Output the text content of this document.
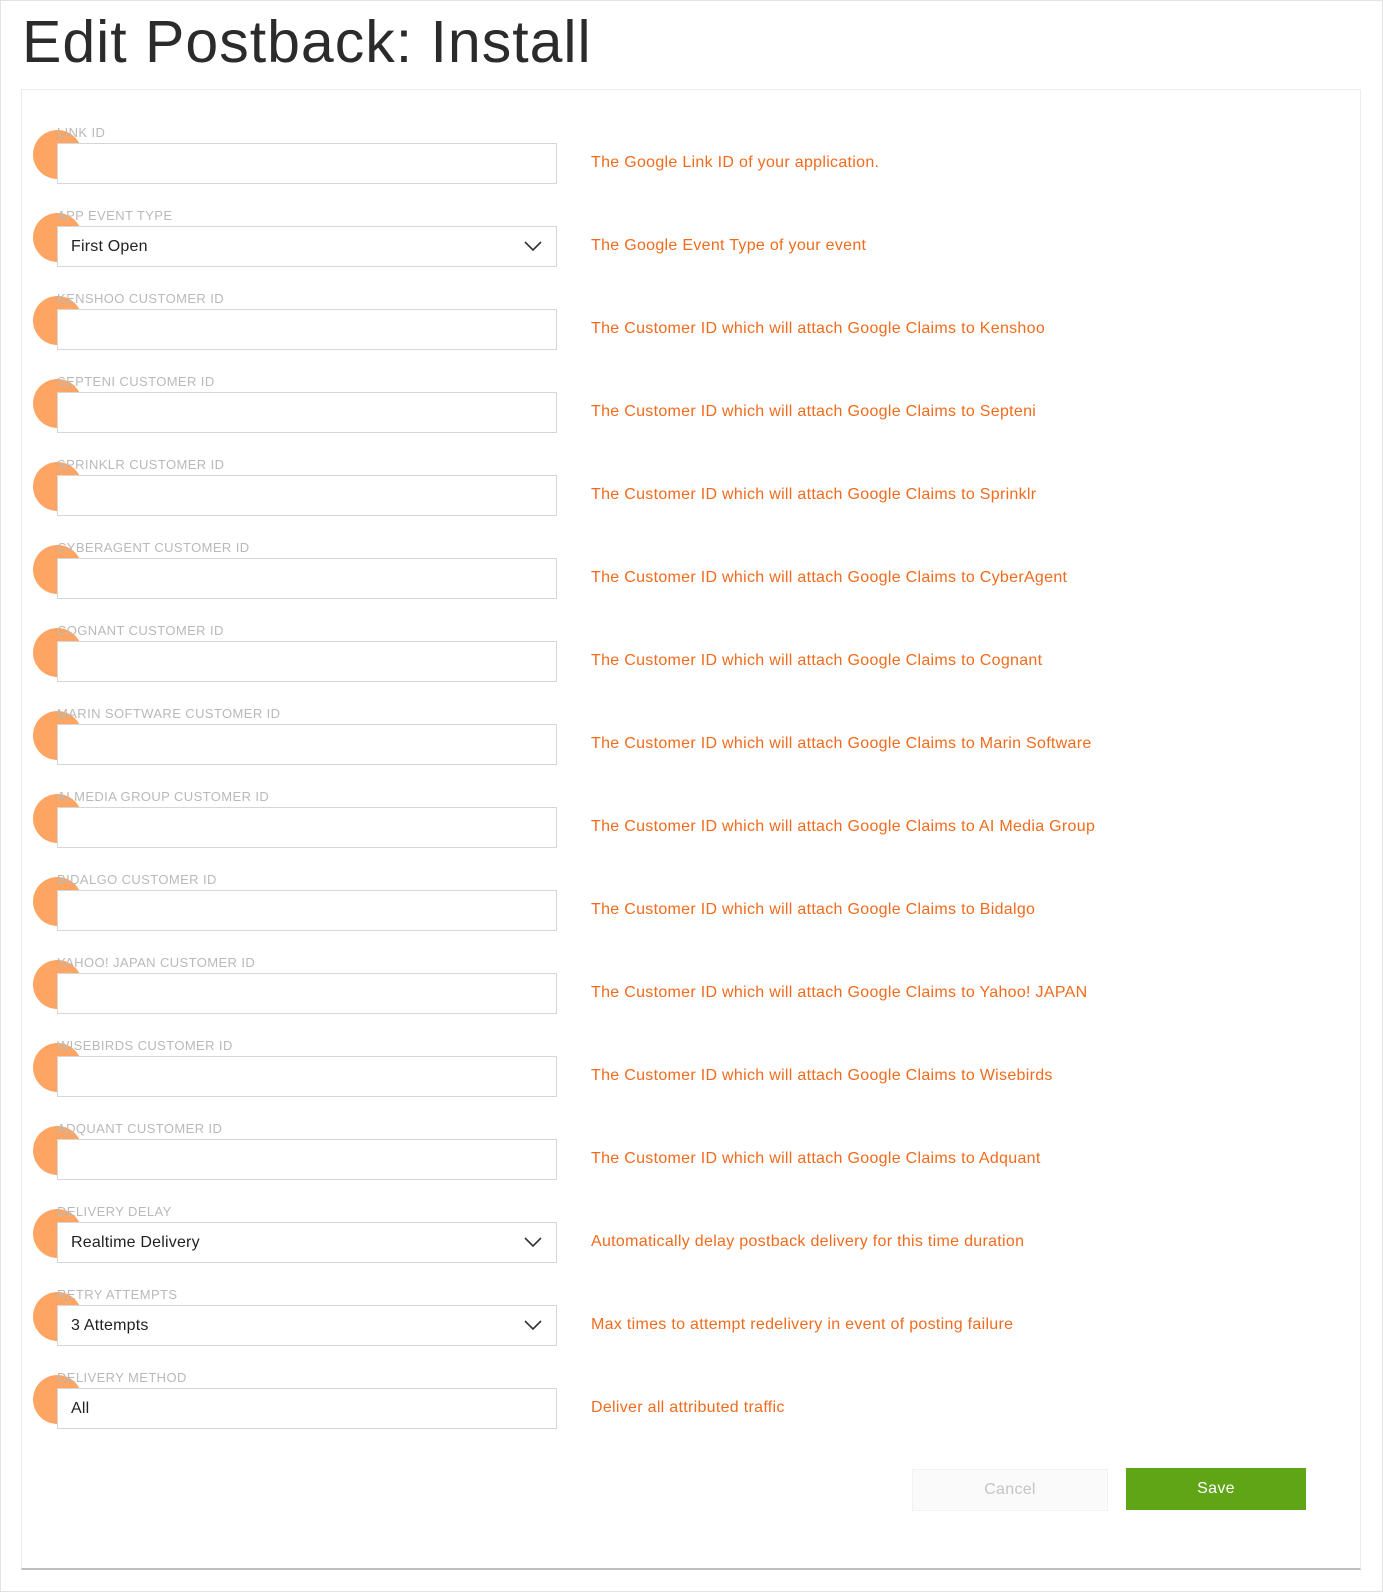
Edit Postback: Install
LINK ID
The Google Link ID of your application.
APP EVENT TYPE
First Open	The Google Event Type of your event
KENSHOO CUSTOMER ID
The Customer ID which will attach Google Claims to Kenshoo
SEPTENI CUSTOMER ID
The Customer ID which will attach Google Claims to Septeni
SPRINKLR CUSTOMER ID
The Customer ID which will attach Google Claims to Sprinklr
CYBERAGENT CUSTOMER ID
The Customer ID which will attach Google Claims to CyberAgent
COGNANT CUSTOMER ID
The Customer ID which will attach Google Claims to Cognant
MARIN SOFTWARE CUSTOMER ID
The Customer ID which will attach Google Claims to Marin Software
AI MEDIA GROUP CUSTOMER ID
The Customer ID which will attach Google Claims to AI Media Group
BIDALGO CUSTOMER ID
The Customer ID which will attach Google Claims to Bidalgo
YAHOO! JAPAN CUSTOMER ID
The Customer ID which will attach Google Claims to Yahoo! JAPAN
WISEBIRDS CUSTOMER ID
The Customer ID which will attach Google Claims to Wisebirds
ADQUANT CUSTOMER ID
The Customer ID which will attach Google Claims to Adquant
DELIVERY DELAY
Realtime Delivery	Automatically delay postback delivery for this time duration
RETRY ATTEMPTS
3 Attempts	Max times to attempt redelivery in event of posting failure
DELIVERY METHOD
All	Deliver all attributed traffic
Cancel	Save
